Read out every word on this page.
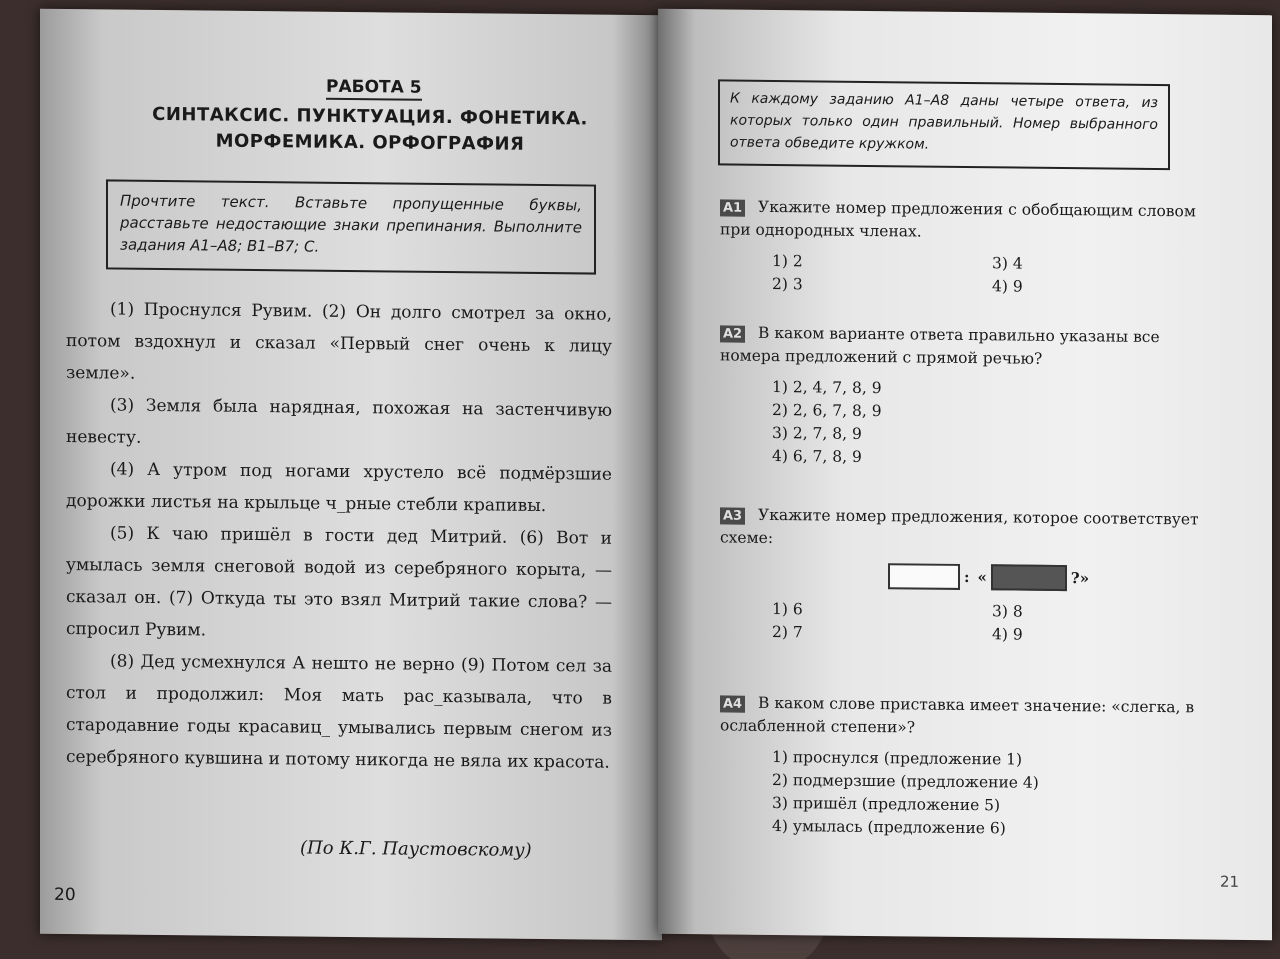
РАБОТА 5
СИНТАКСИС. ПУНКТУАЦИЯ. ФОНЕТИКА.
МОРФЕМИКА. ОРФОГРАФИЯ
Прочтите текст. Вставьте пропущенные буквы, расставьте недостающие знаки препинания. Выполните задания А1–А8; В1–В7; С.

(1) Проснулся Рувим. (2) Он долго смотрел за окно, потом вздохнул и сказал «Первый снег очень к лицу земле».

(3) Земля была нарядная, похожая на застенчивую невесту.

(4) А утром под ногами хрустело всё подмёрзшие дорожки листья на крыльце ч_рные стебли крапивы.

(5) К чаю пришёл в гости дед Митрий. (6) Вот и умылась земля снеговой водой из серебряного корыта, — сказал он. (7) Откуда ты это взял Митрий такие слова? — спросил Рувим.

(8) Дед усмехнулся А нешто не верно (9) Потом сел за стол и продолжил: Моя мать рас_казывала, что в стародавние годы красавиц_ умывались первым снегом из серебряного кувшина и потому никогда не вяла их красота.

(По К.Г. Паустовскому)
20
К каждому заданию А1–А8 даны четыре ответа, из которых только один правильный. Номер выбранного ответа обведите кружком.
А1 Укажите номер предложения с обобщающим словом при однородных членах.
1) 2	3) 4
2) 3	4) 9
А2 В каком варианте ответа правильно указаны все номера предложений с прямой речью?
1) 2, 4, 7, 8, 9
2) 2, 6, 7, 8, 9
3) 2, 7, 8, 9
4) 6, 7, 8, 9
А3 Укажите номер предложения, которое соответствует схеме:
: «	?»
1) 6	3) 8
2) 7	4) 9
А4 В каком слове приставка имеет значение: «слегка, в ослабленной степени»?
1) проснулся (предложение 1)
2) подмерзшие (предложение 4)
3) пришёл (предложение 5)
4) умылась (предложение 6)
21
